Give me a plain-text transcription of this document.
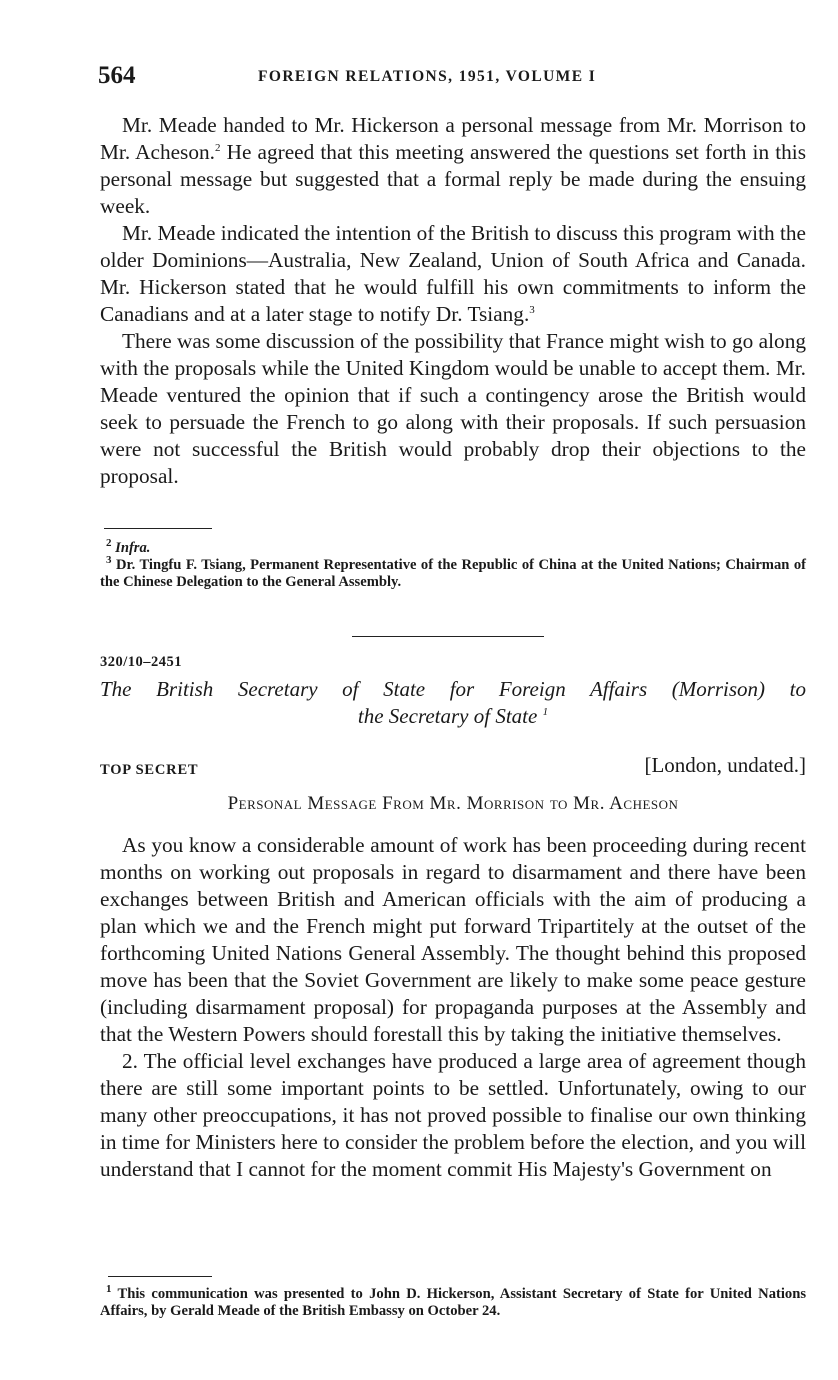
564	FOREIGN RELATIONS, 1951, VOLUME I

Mr. Meade handed to Mr. Hickerson a personal message from Mr. Morrison to Mr. Acheson.$^2$ He agreed that this meeting answered the questions set forth in this personal message but suggested that a formal reply be made during the ensuing week.

Mr. Meade indicated the intention of the British to discuss this program with the older Dominions—Australia, New Zealand, Union of South Africa and Canada. Mr. Hickerson stated that he would fulfill his own commitments to inform the Canadians and at a later stage to notify Dr. Tsiang.$^3$

There was some discussion of the possibility that France might wish to go along with the proposals while the United Kingdom would be unable to accept them. Mr. Meade ventured the opinion that if such a contingency arose the British would seek to persuade the French to go along with their proposals. If such persuasion were not successful the British would probably drop their objections to the proposal.

$^2$ Infra.

$^3$ Dr. Tingfu F. Tsiang, Permanent Representative of the Republic of China at the United Nations; Chairman of the Chinese Delegation to the General Assembly.

320/10–2451
The British Secretary of State for Foreign Affairs (Morrison) to
the Secretary of State $^1$
TOP SECRET	[London, undated.]
Personal Message From Mr. Morrison to Mr. Acheson

As you know a considerable amount of work has been proceeding during recent months on working out proposals in regard to disarmament and there have been exchanges between British and American officials with the aim of producing a plan which we and the French might put forward Tripartitely at the outset of the forthcoming United Nations General Assembly. The thought behind this proposed move has been that the Soviet Government are likely to make some peace gesture (including disarmament proposal) for propaganda purposes at the Assembly and that the Western Powers should forestall this by taking the initiative themselves.

2. The official level exchanges have produced a large area of agreement though there are still some important points to be settled. Unfortunately, owing to our many other preoccupations, it has not proved possible to finalise our own thinking in time for Ministers here to consider the problem before the election, and you will understand that I cannot for the moment commit His Majesty's Government on

$^1$ This communication was presented to John D. Hickerson, Assistant Secretary of State for United Nations Affairs, by Gerald Meade of the British Embassy on October 24.
